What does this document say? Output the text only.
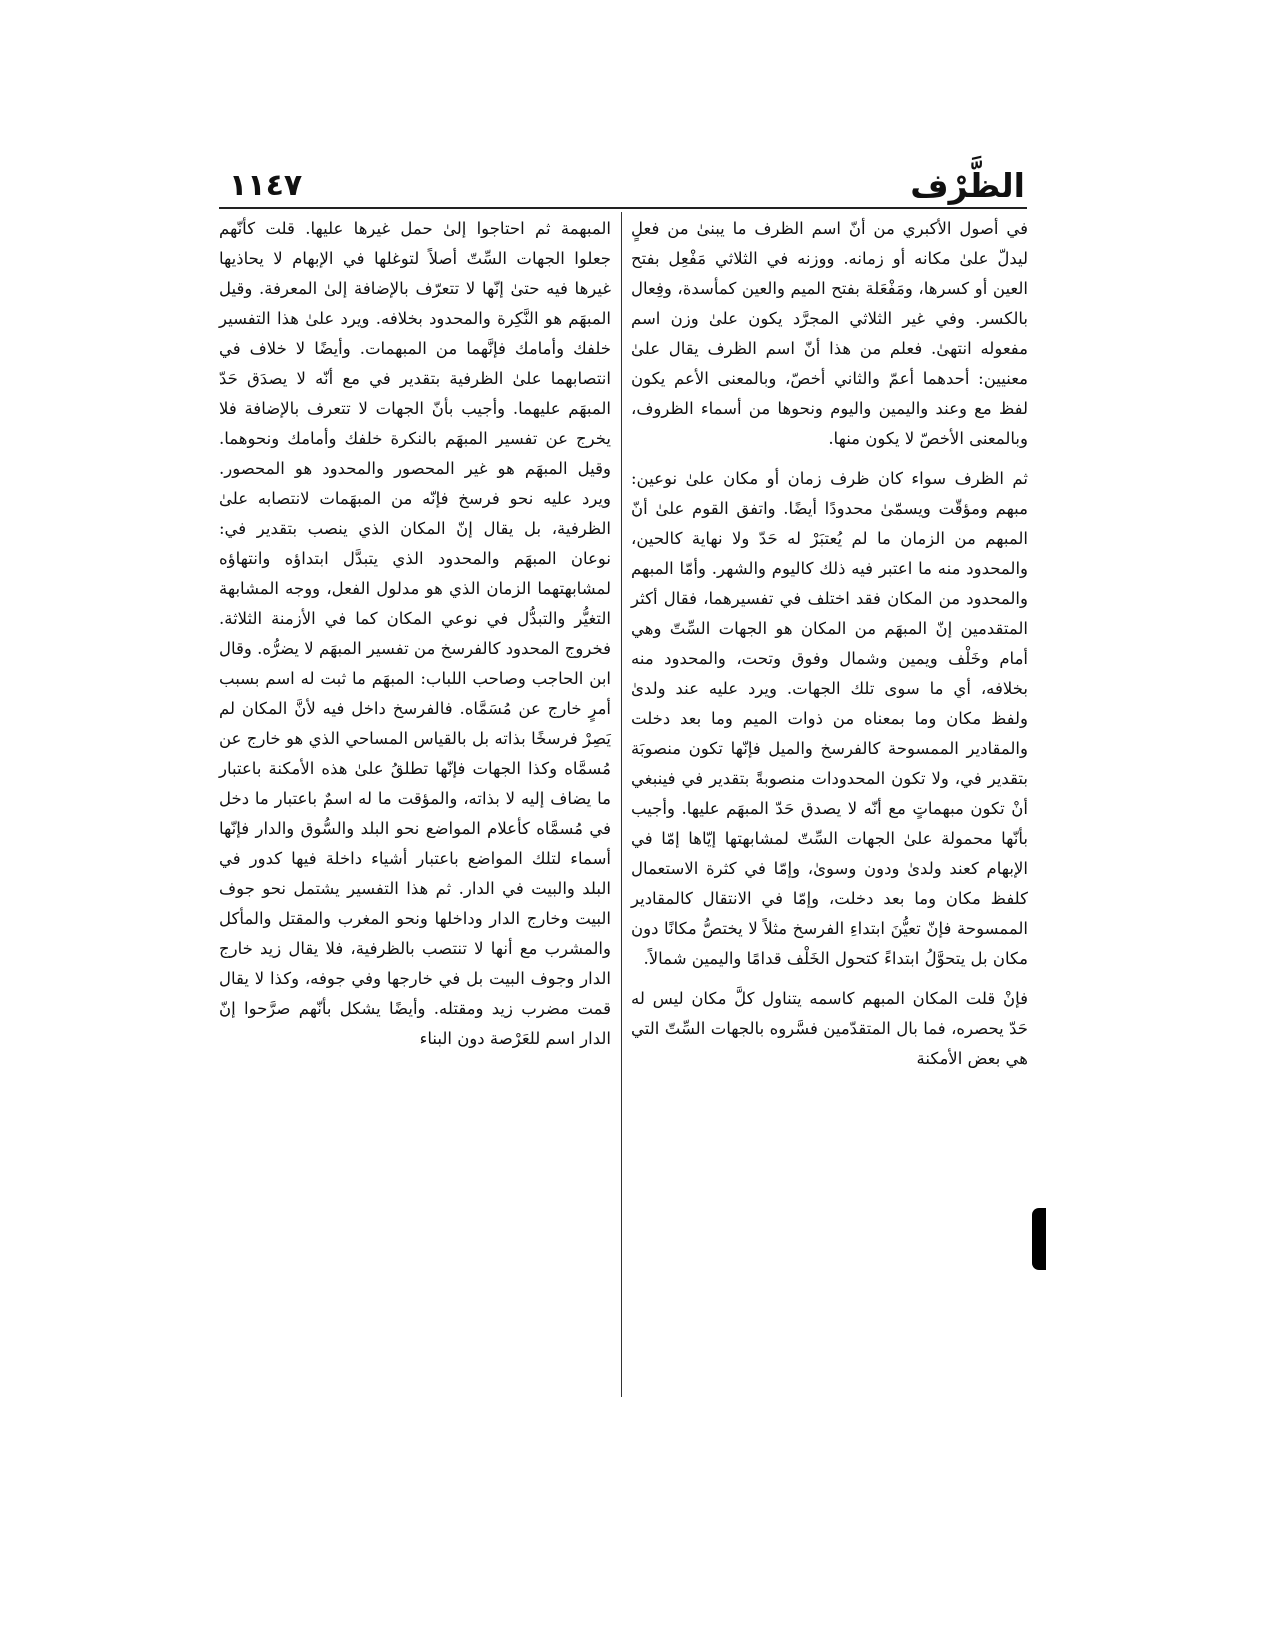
١١٤٧	الظَّرْف

في أصول الأكبري من أنّ اسم الظرف ما يبنىٰ من فعلٍ ليدلّ علىٰ مكانه أو زمانه. ووزنه في الثلاثي مَفْعِل بفتح العين أو كسرها، ومَفْعَلة بفتح الميم والعين كمأسدة، وفِعال بالكسر. وفي غير الثلاثي المجرَّد يكون علىٰ وزن اسم مفعوله انتهىٰ. فعلم من هذا أنّ اسم الظرف يقال علىٰ معنيين: أحدهما أعمّ والثاني أخصّ، وبالمعنى الأعم يكون لفظ مع وعند واليمين واليوم ونحوها من أسماء الظروف، وبالمعنى الأخصّ لا يكون منها.

ثم الظرف سواء كان ظرف زمان أو مكان علىٰ نوعين: مبهم ومؤقّت ويسمّىٰ محدودًا أيضًا. واتفق القوم علىٰ أنّ المبهم من الزمان ما لم يُعتبَرْ له حَدّ ولا نهاية كالحين، والمحدود منه ما اعتبر فيه ذلك كاليوم والشهر. وأمّا المبهم والمحدود من المكان فقد اختلف في تفسيرهما، فقال أكثر المتقدمين إنّ المبهَم من المكان هو الجهات السِّتّ وهي أمام وخَلْف ويمين وشمال وفوق وتحت، والمحدود منه بخلافه، أي ما سوى تلك الجهات. ويرد عليه عند ولدىٰ ولفظ مكان وما بمعناه من ذوات الميم وما بعد دخلت والمقادير الممسوحة كالفرسخ والميل فإنّها تكون منصوبَة بتقدير في، ولا تكون المحدودات منصوبةً بتقدير في فينبغي أنْ تكون مبهماتٍ مع أنّه لا يصدق حَدّ المبهَم عليها. وأجيب بأنّها محمولة علىٰ الجهات السِّتّ لمشابهتها إيّاها إمّا في الإبهام كعند ولدىٰ ودون وسوىٰ، وإمّا في كثرة الاستعمال كلفظ مكان وما بعد دخلت، وإمّا في الانتقال كالمقادير الممسوحة فإنّ تعيُّنَ ابتداءِ الفرسخ مثلاً لا يختصُّ مكانًا دون مكان بل يتحوَّلُ ابتداءً كتحول الخَلْف قدامًا واليمين شمالاً.

فإنْ قلت المكان المبهم كاسمه يتناول كلَّ مكان ليس له حَدّ يحصره، فما بال المتقدّمين فسَّروه بالجهات السِّتّ التي هي بعض الأمكنة

المبهمة ثم احتاجوا إلىٰ حمل غيرها عليها. قلت كأنّهم جعلوا الجهات السِّتّ أصلاً لتوغلها في الإبهام لا يحاذيها غيرها فيه حتىٰ إنّها لا تتعرّف بالإضافة إلىٰ المعرفة. وقيل المبهَم هو النَّكِرة والمحدود بخلافه. ويرد علىٰ هذا التفسير خلفك وأمامك فإنَّهما من المبهمات. وأيضًا لا خلاف في انتصابهما علىٰ الظرفية بتقدير في مع أنّه لا يصدَق حَدّ المبهَم عليهما. وأجيب بأنّ الجهات لا تتعرف بالإضافة فلا يخرج عن تفسير المبهَم بالنكرة خلفك وأمامك ونحوهما. وقيل المبهَم هو غير المحصور والمحدود هو المحصور. ويرد عليه نحو فرسخ فإنّه من المبهَمات لانتصابه علىٰ الظرفية، بل يقال إنّ المكان الذي ينصب بتقدير في: نوعان المبهَم والمحدود الذي يتبدَّل ابتداؤه وانتهاؤه لمشابهتهما الزمان الذي هو مدلول الفعل، ووجه المشابهة التغيُّر والتبدُّل في نوعي المكان كما في الأزمنة الثلاثة. فخروج المحدود كالفرسخ من تفسير المبهَم لا يضرُّه. وقال ابن الحاجب وصاحب اللباب: المبهَم ما ثبت له اسم بسبب أمرٍ خارج عن مُسَمَّاه. فالفرسخ داخل فيه لأنَّ المكان لم يَصِرْ فرسخًا بذاته بل بالقياس المساحي الذي هو خارج عن مُسمَّاه وكذا الجهات فإنّها تطلقُ علىٰ هذه الأمكنة باعتبار ما يضاف إليه لا بذاته، والمؤقت ما له اسمٌ باعتبار ما دخل في مُسمَّاه كأعلام المواضع نحو البلد والسُّوق والدار فإنّها أسماء لتلك المواضع باعتبار أشياء داخلة فيها كدور في البلد والبيت في الدار. ثم هذا التفسير يشتمل نحو جوف البيت وخارج الدار وداخلها ونحو المغرب والمقتل والمأكل والمشرب مع أنها لا تنتصب بالظرفية، فلا يقال زيد خارج الدار وجوف البيت بل في خارجها وفي جوفه، وكذا لا يقال قمت مضرب زيد ومقتله. وأيضًا يشكل بأنّهم صرَّحوا إنّ الدار اسم للعَرْصة دون البناء
